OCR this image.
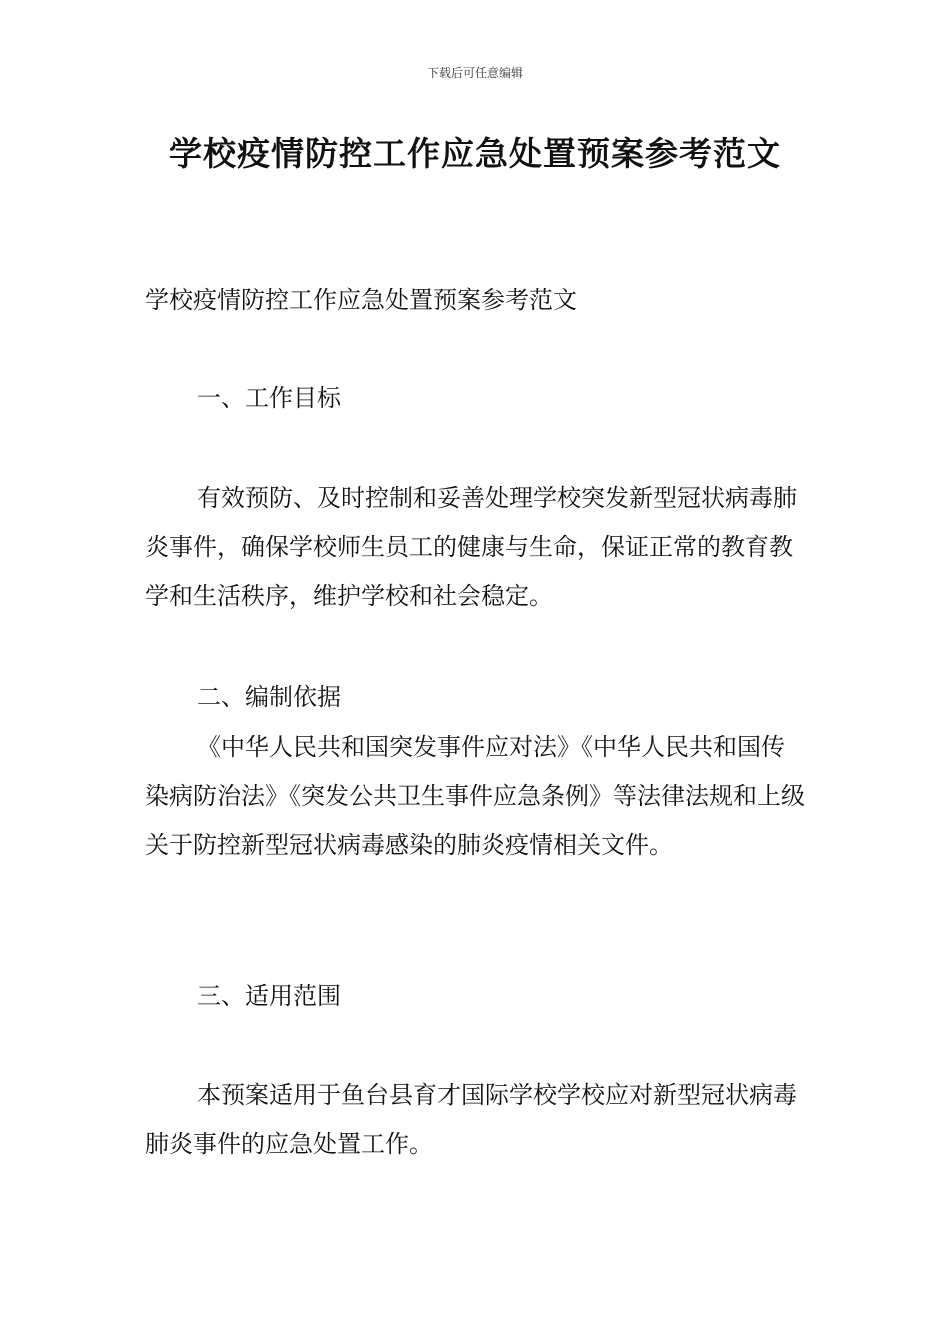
下载后可任意编辑
学校疫情防控工作应急处置预案参考范文

学校疫情防控工作应急处置预案参考范文

一、工作目标

有效预防、及时控制和妥善处理学校突发新型冠状病毒肺炎事件，确保学校师生员工的健康与生命，保证正常的教育教学和生活秩序，维护学校和社会稳定。

二、编制依据

《中华人民共和国突发事件应对法》《中华人民共和国传染病防治法》《突发公共卫生事件应急条例》等法律法规和上级关于防控新型冠状病毒感染的肺炎疫情相关文件。

三、适用范围

本预案适用于鱼台县育才国际学校学校应对新型冠状病毒肺炎事件的应急处置工作。
